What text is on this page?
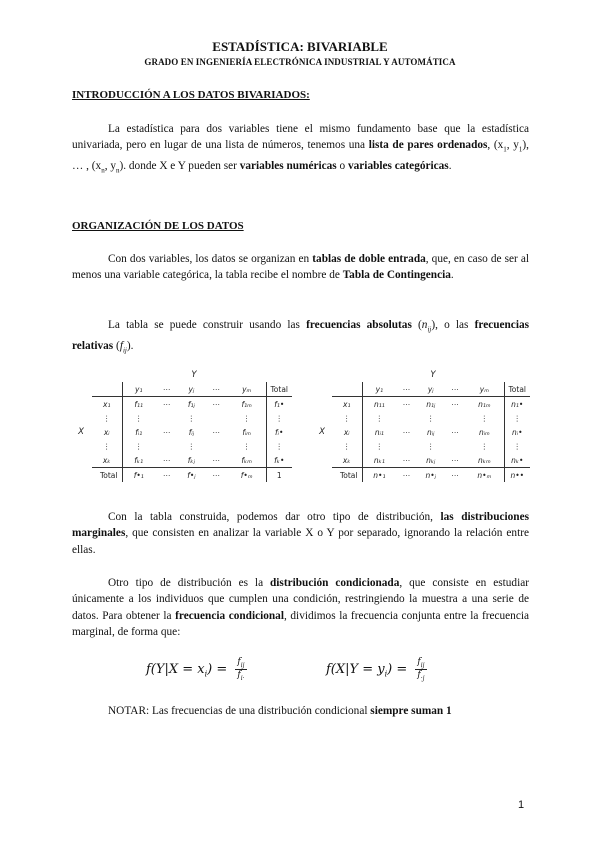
ESTADÍSTICA: BIVARIABLE
GRADO EN INGENIERÍA ELECTRÓNICA INDUSTRIAL Y AUTOMÁTICA
INTRODUCCIÓN A LOS DATOS BIVARIADOS:

La estadística para dos variables tiene el mismo fundamento base que la estadística univariada, pero en lugar de una lista de números, tenemos una lista de pares ordenados, ($x_1$, $y_1$), … , ($x_n$, $y_n$). donde X e Y pueden ser variables numéricas o variables categóricas.

ORGANIZACIÓN DE LOS DATOS

Con dos variables, los datos se organizan en tablas de doble entrada, que, en caso de ser al menos una variable categórica, la tabla recibe el nombre de Tabla de Contingencia.

La tabla se puede construir usando las frecuencias absolutas $(n_{ij})$, o las frecuencias relativas $(f_{ij})$.

		Y					
		y₁	⋯	yⱼ	⋯	yₘ	Total
	x₁	f₁₁	⋯	f₁ⱼ	⋯	f₁ₘ	f₁•
	⋮	⋮		⋮		⋮	⋮
X	xᵢ	fᵢ₁	⋯	fᵢⱼ	⋯	fᵢₘ	fᵢ•
	⋮	⋮		⋮		⋮	⋮
	xₖ	fₖ₁	⋯	fₖⱼ	⋯	fₖₘ	fₖ•
Total		f•₁	⋯	f•ⱼ	⋯	f•ₘ	1
		Y					
		y₁	⋯	yⱼ	⋯	yₘ	Total
	x₁	n₁₁	⋯	n₁ⱼ	⋯	n₁ₘ	n₁•
	⋮	⋮		⋮		⋮	⋮
X	xᵢ	nᵢ₁	⋯	nᵢⱼ	⋯	nᵢₘ	nᵢ•
	⋮	⋮		⋮		⋮	⋮
	xₖ	nₖ₁	⋯	nₖⱼ	⋯	nₖₘ	nₖ•
Total		n•₁	⋯	n•ⱼ	⋯	n•ₘ	n••

Con la tabla construida, podemos dar otro tipo de distribución, las distribuciones marginales, que consisten en analizar la variable X o Y por separado, ignorando la relación entre ellas.

Otro tipo de distribución es la distribución condicionada, que consiste en estudiar únicamente a los individuos que cumplen una condición, restringiendo la muestra a una serie de datos. Para obtener la frecuencia condicional, dividimos la frecuencia conjunta entre la frecuencia marginal, de forma que:

$f(Y|X = x_i) = \frac{f_{ij}}{f_{i\cdot}}$	$f(X|Y = y_i) = \frac{f_{ij}}{f_{\cdot j}}$
NOTAR: Las frecuencias de una distribución condicional siempre suman 1
1
